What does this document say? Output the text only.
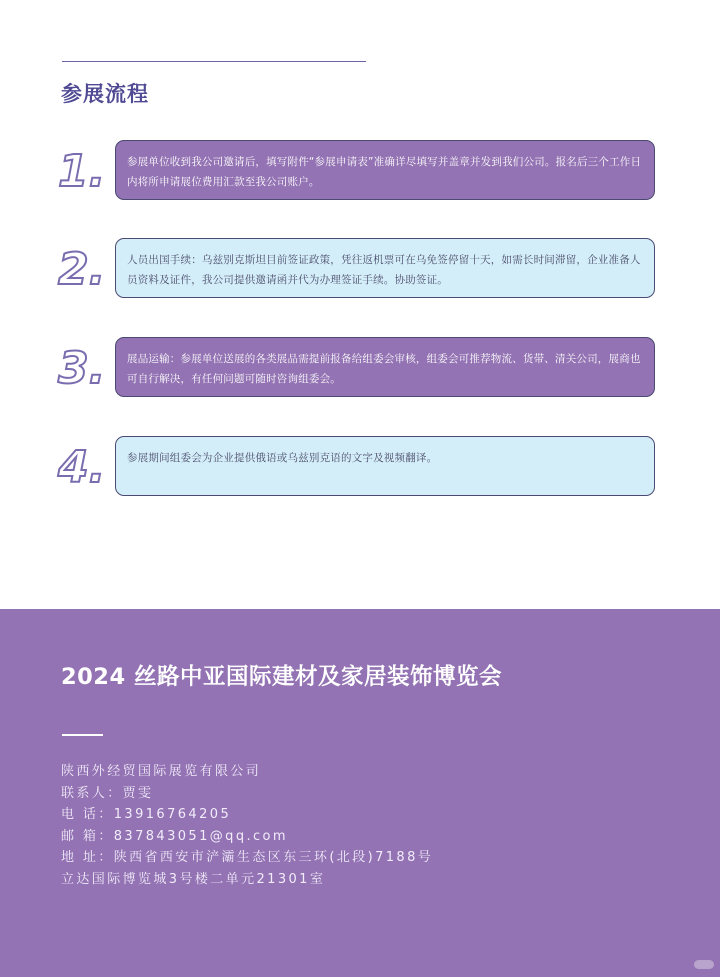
参展流程
1.	参展单位收到我公司邀请后，填写附件“参展申请表”准确详尽填写并盖章并发到我们公司。报名后三个工作日内将所申请展位费用汇款至我公司账户。
2.	人员出国手续：乌兹别克斯坦目前签证政策，凭往返机票可在乌免签停留十天，如需长时间滞留，企业准备人员资料及证件，我公司提供邀请函并代为办理签证手续。协助签证。
3.	展品运输：参展单位送展的各类展品需提前报备给组委会审核，组委会可推荐物流、货带、清关公司，展商也可自行解决，有任何问题可随时咨询组委会。
4.	参展期间组委会为企业提供俄语或乌兹别克语的文字及视频翻译。
2024 丝路中亚国际建材及家居装饰博览会
陕西外经贸国际展览有限公司
联系人：贾雯
电 话：13916764205
邮 箱：837843051@qq.com
地 址：陕西省西安市浐灞生态区东三环(北段)7188号
立达国际博览城3号楼二单元21301室
